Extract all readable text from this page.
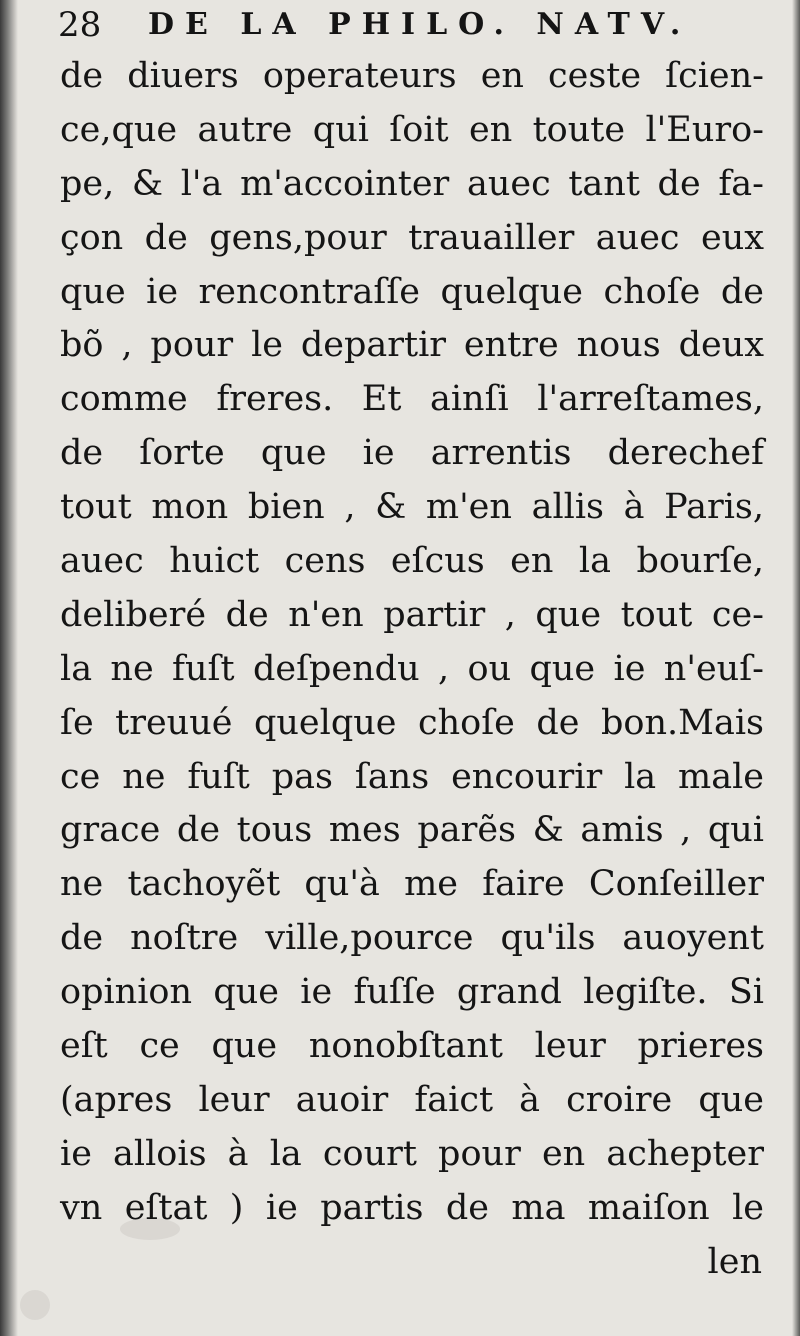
28 DE LA PHILO. NATV.
de diuers operateurs en ceste ſcien-
ce,que autre qui ſoit en toute l'Euro-
pe, & l'a m'accointer auec tant de fa-
çon de gens,pour trauailler auec eux
que ie rencontraſſe quelque choſe de
bõ , pour le departir entre nous deux
comme freres. Et ainſi l'arreſtames,
de ſorte que ie arrentis derechef
tout mon bien , & m'en allis à Paris,
auec huict cens eſcus en la bourſe,
deliberé de n'en partir , que tout ce-
la ne fuſt deſpendu , ou que ie n'euſ-
ſe treuué quelque choſe de bon.Mais
ce ne fuſt pas ſans encourir la male
grace de tous mes parẽs & amis , qui
ne tachoyẽt qu'à me faire Conſeiller
de noſtre ville,pource qu'ils auoyent
opinion que ie fuſſe grand legiſte. Si
eſt ce que nonobſtant leur prieres
(apres leur auoir faict à croire que
ie allois à la court pour en achepter
vn eſtat ) ie partis de ma maiſon le
len
